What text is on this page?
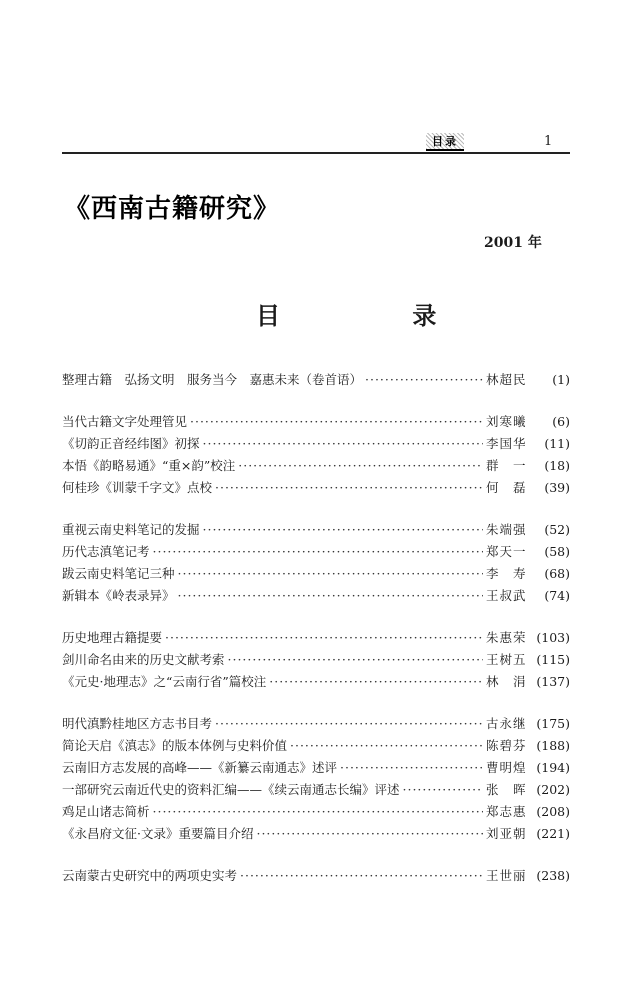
目录	1
《西南古籍研究》
2001 年
目 录
整理古籍　弘扬文明　服务当今　嘉惠未来（卷首语） ·····	林超民	(1)
当代古籍文字处理管见 ·····	刘寒曦	(6)
《切韵正音经纬图》初探 ·····	李国华	(11)
本悟《韵略易通》“重×韵”校注 ·····	群　一	(18)
何桂珍《训蒙千字文》点校 ·····	何　磊	(39)
重视云南史料笔记的发掘 ·····	朱端强	(52)
历代志滇笔记考 ·····	郑天一	(58)
跋云南史料笔记三种 ·····	李　寿	(68)
新辑本《岭表录异》 ·····	王叔武	(74)
历史地理古籍提要 ·····	朱惠荣 (103)
剑川命名由来的历史文献考索 ·····	王树五 (115)
《元史·地理志》之“云南行省”篇校注 ·····	林　涓 (137)
明代滇黔桂地区方志书目考 ·····	古永继 (175)
简论天启《滇志》的版本体例与史料价值 ·····	陈碧芬 (188)
云南旧方志发展的高峰——《新纂云南通志》述评 ·····	曹明煌 (194)
一部研究云南近代史的资料汇编——《续云南通志长编》评述 ·····	张　晖 (202)
鸡足山诸志简析 ·····	郑志惠 (208)
《永昌府文征·文录》重要篇目介绍 ·····	刘亚朝 (221)
云南蒙古史研究中的两项史实考 ·····	王世丽 (238)
